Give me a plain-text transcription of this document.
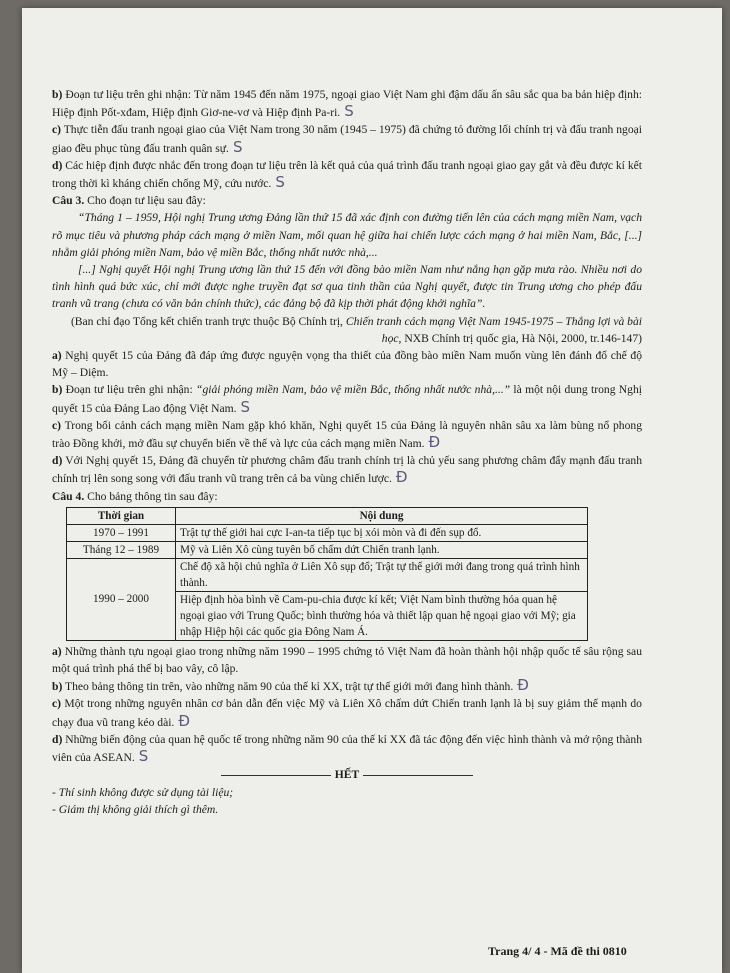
b) Đoạn tư liệu trên ghi nhận: Từ năm 1945 đến năm 1975, ngoại giao Việt Nam ghi đậm dấu ấn sâu sắc qua ba bản hiệp định: Hiệp định Pốt-xđam, Hiệp định Giơ-ne-vơ và Hiệp định Pa-ri. S

c) Thực tiễn đấu tranh ngoại giao của Việt Nam trong 30 năm (1945 – 1975) đã chứng tỏ đường lối chính trị và đấu tranh ngoại giao đều phục tùng đấu tranh quân sự. S

d) Các hiệp định được nhắc đến trong đoạn tư liệu trên là kết quả của quá trình đấu tranh ngoại giao gay gắt và đều được kí kết trong thời kì kháng chiến chống Mỹ, cứu nước. S

Câu 3. Cho đoạn tư liệu sau đây:

“Tháng 1 – 1959, Hội nghị Trung ương Đảng lần thứ 15 đã xác định con đường tiến lên của cách mạng miền Nam, vạch rõ mục tiêu và phương pháp cách mạng ở miền Nam, mối quan hệ giữa hai chiến lược cách mạng ở hai miền Nam, Bắc, [...] nhằm giải phóng miền Nam, bảo vệ miền Bắc, thống nhất nước nhà,...

[...] Nghị quyết Hội nghị Trung ương lần thứ 15 đến với đồng bào miền Nam như nắng hạn gặp mưa rào. Nhiều nơi do tình hình quá bức xúc, chỉ mới được nghe truyền đạt sơ qua tinh thần của Nghị quyết, được tin Trung ương cho phép đấu tranh vũ trang (chưa có văn bản chính thức), các đảng bộ đã kịp thời phát động khởi nghĩa”.

(Ban chỉ đạo Tổng kết chiến tranh trực thuộc Bộ Chính trị, Chiến tranh cách mạng Việt Nam 1945-1975 – Thắng lợi và bài học, NXB Chính trị quốc gia, Hà Nội, 2000, tr.146-147)

a) Nghị quyết 15 của Đảng đã đáp ứng được nguyện vọng tha thiết của đồng bào miền Nam muốn vùng lên đánh đổ chế độ Mỹ – Diệm.

b) Đoạn tư liệu trên ghi nhận: “giải phóng miền Nam, bảo vệ miền Bắc, thống nhất nước nhà,...” là một nội dung trong Nghị quyết 15 của Đảng Lao động Việt Nam. S

c) Trong bối cảnh cách mạng miền Nam gặp khó khăn, Nghị quyết 15 của Đảng là nguyên nhân sâu xa làm bùng nổ phong trào Đồng khởi, mở đầu sự chuyển biến về thế và lực của cách mạng miền Nam. Ð

d) Với Nghị quyết 15, Đảng đã chuyển từ phương châm đấu tranh chính trị là chủ yếu sang phương châm đẩy mạnh đấu tranh chính trị lên song song với đấu tranh vũ trang trên cả ba vùng chiến lược. Ð

Câu 4. Cho bảng thông tin sau đây:

Thời gian	Nội dung
1970 – 1991	Trật tự thế giới hai cực I-an-ta tiếp tục bị xói mòn và đi đến sụp đổ.
Tháng 12 – 1989	Mỹ và Liên Xô cùng tuyên bố chấm dứt Chiến tranh lạnh.
1990 – 2000	Chế độ xã hội chủ nghĩa ở Liên Xô sụp đổ; Trật tự thế giới mới đang trong quá trình hình thành.
	Hiệp định hòa bình về Cam-pu-chia được kí kết; Việt Nam bình thường hóa quan hệ ngoại giao với Trung Quốc; bình thường hóa và thiết lập quan hệ ngoại giao với Mỹ; gia nhập Hiệp hội các quốc gia Đông Nam Á.

a) Những thành tựu ngoại giao trong những năm 1990 – 1995 chứng tỏ Việt Nam đã hoàn thành hội nhập quốc tế sâu rộng sau một quá trình phá thế bị bao vây, cô lập.

b) Theo bảng thông tin trên, vào những năm 90 của thế kỉ XX, trật tự thế giới mới đang hình thành. Ð

c) Một trong những nguyên nhân cơ bản dẫn đến việc Mỹ và Liên Xô chấm dứt Chiến tranh lạnh là bị suy giảm thế mạnh do chạy đua vũ trang kéo dài. Ð

d) Những biến động của quan hệ quốc tế trong những năm 90 của thế kỉ XX đã tác động đến việc hình thành và mở rộng thành viên của ASEAN. S

HẾT

- Thí sinh không được sử dụng tài liệu;

- Giám thị không giải thích gì thêm.

Trang 4/ 4 - Mã đề thi 0810
